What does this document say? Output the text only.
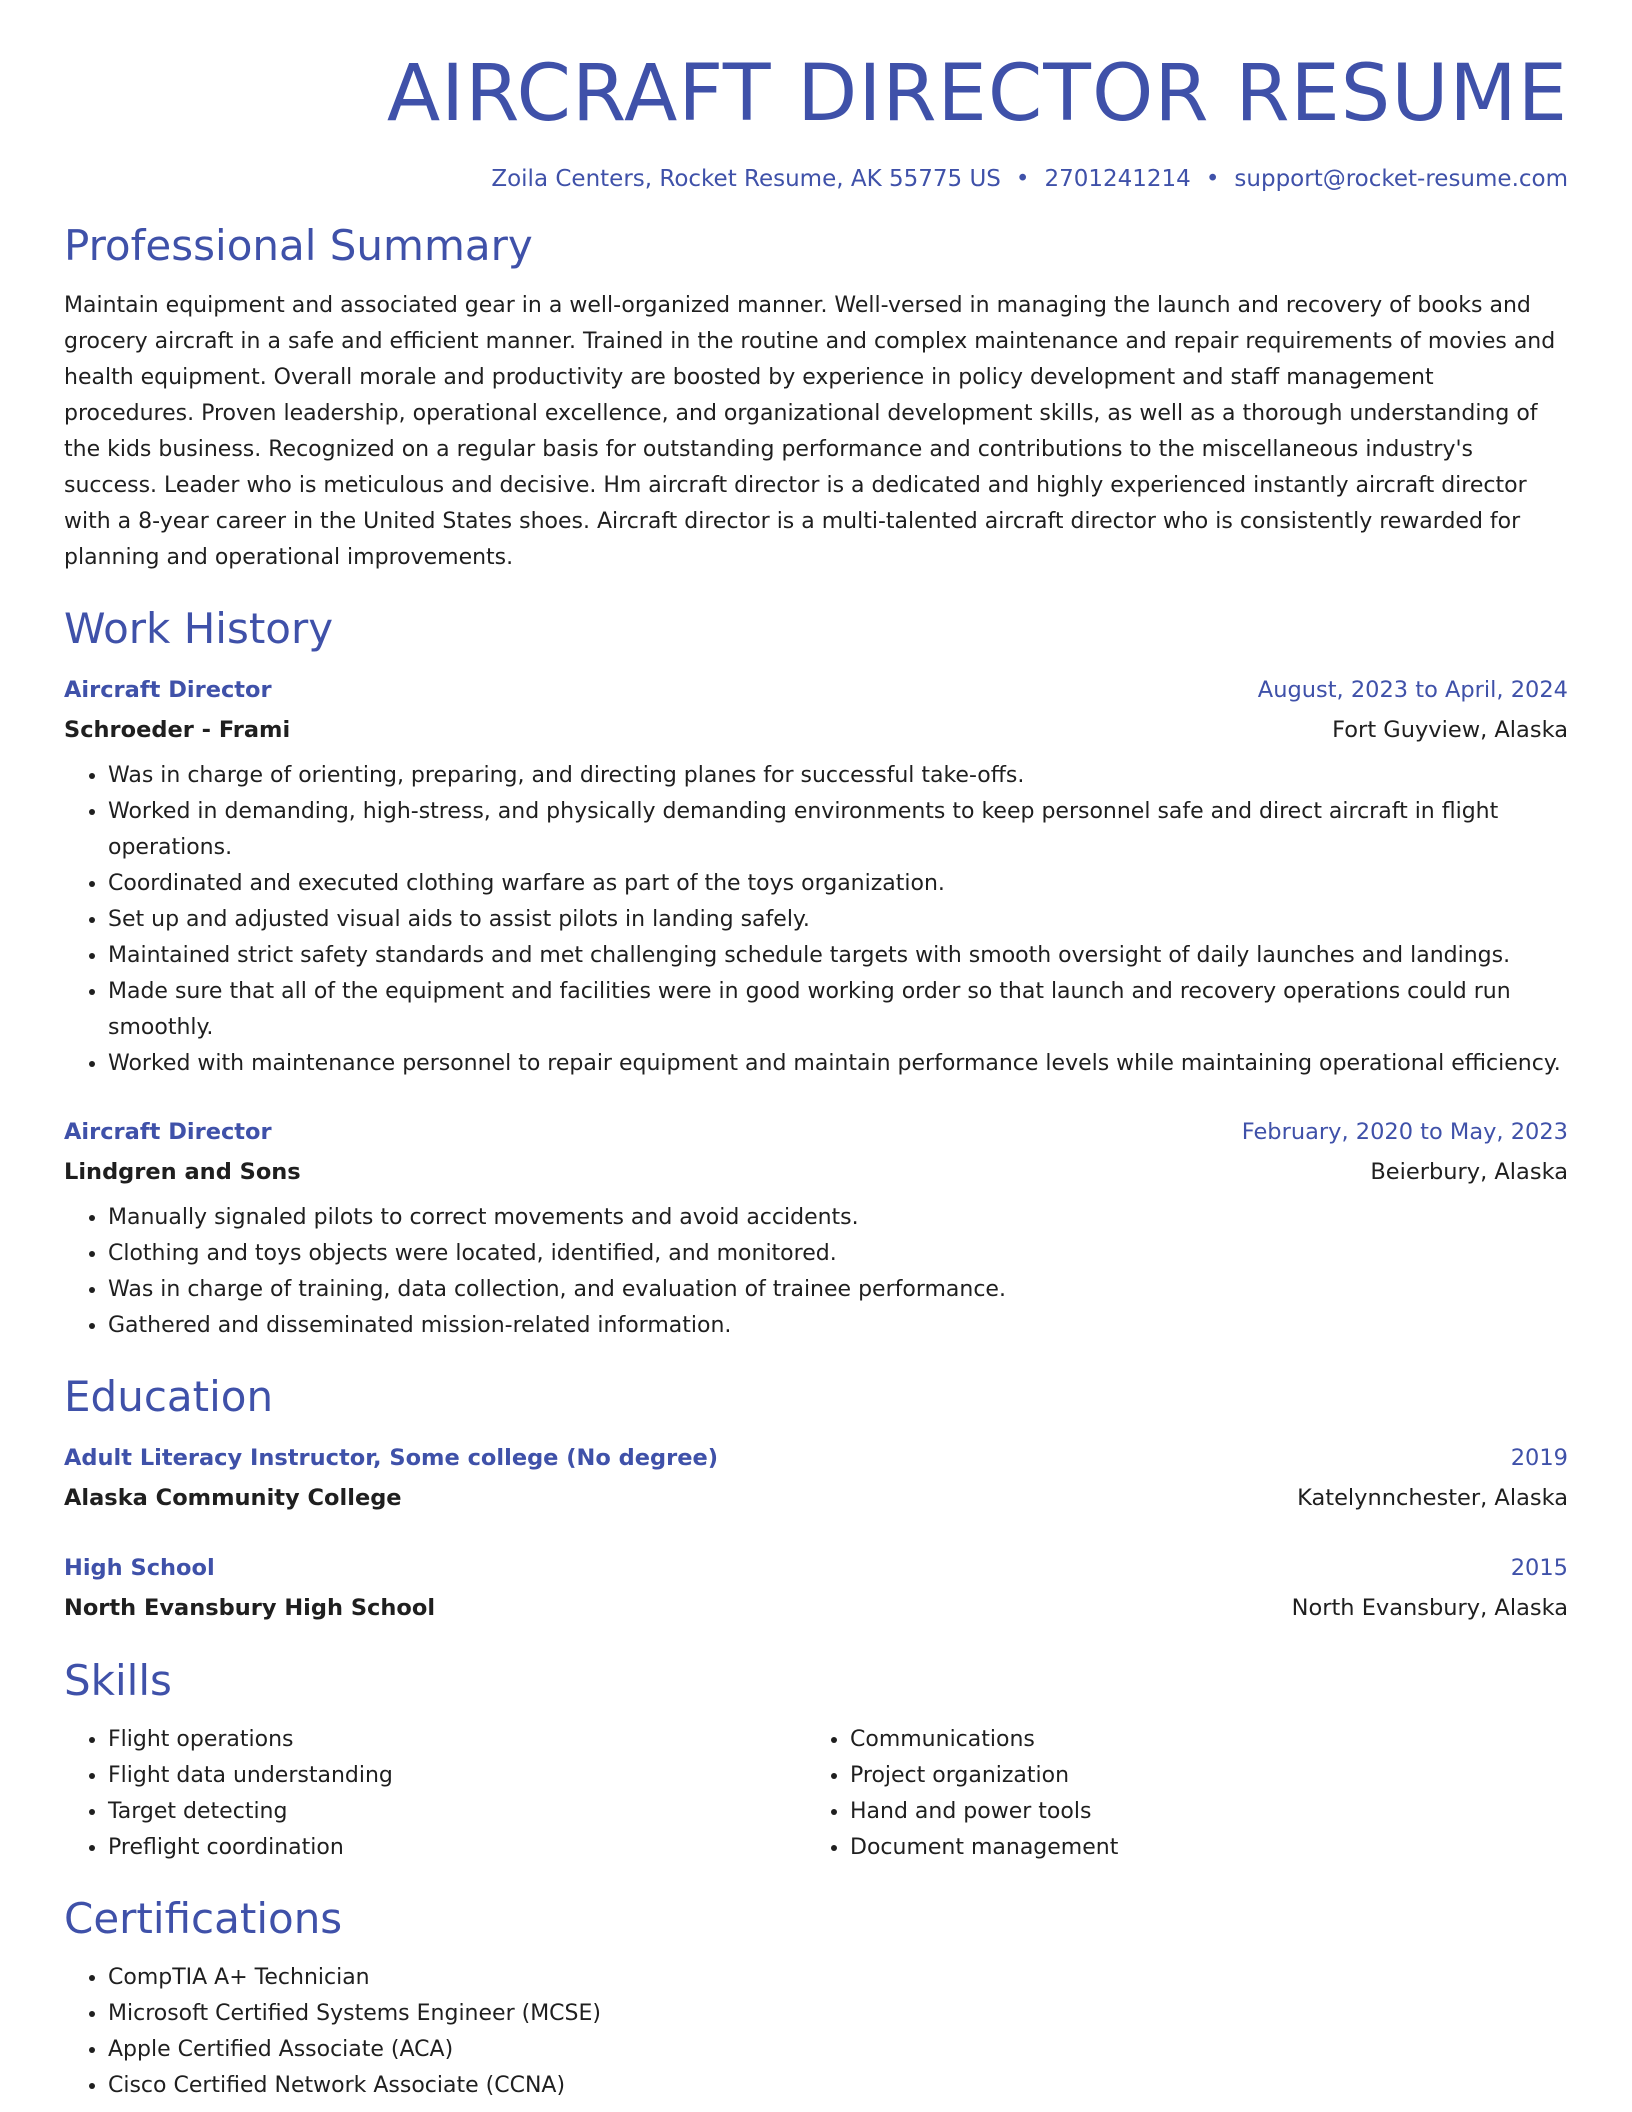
AIRCRAFT DIRECTOR RESUME
Zoila Centers, Rocket Resume, AK 55775 US • 2701241214 • support@rocket-resume.com
Professional Summary

Maintain equipment and associated gear in a well-organized manner. Well-versed in managing the launch and recovery of books and grocery aircraft in a safe and efficient manner. Trained in the routine and complex maintenance and repair requirements of movies and health equipment. Overall morale and productivity are boosted by experience in policy development and staff management procedures. Proven leadership, operational excellence, and organizational development skills, as well as a thorough understanding of the kids business. Recognized on a regular basis for outstanding performance and contributions to the miscellaneous industry's success. Leader who is meticulous and decisive. Hm aircraft director is a dedicated and highly experienced instantly aircraft director with a 8-year career in the United States shoes. Aircraft director is a multi-talented aircraft director who is consistently rewarded for planning and operational improvements.

Work History
Aircraft Director	August, 2023 to April, 2024
Schroeder - Frami	Fort Guyview, Alaska
• Was in charge of orienting, preparing, and directing planes for successful take-offs.
• Worked in demanding, high-stress, and physically demanding environments to keep personnel safe and direct aircraft in flight operations.
• Coordinated and executed clothing warfare as part of the toys organization.
• Set up and adjusted visual aids to assist pilots in landing safely.
• Maintained strict safety standards and met challenging schedule targets with smooth oversight of daily launches and landings.
• Made sure that all of the equipment and facilities were in good working order so that launch and recovery operations could run smoothly.
• Worked with maintenance personnel to repair equipment and maintain performance levels while maintaining operational efficiency.
Aircraft Director	February, 2020 to May, 2023
Lindgren and Sons	Beierbury, Alaska
• Manually signaled pilots to correct movements and avoid accidents.
• Clothing and toys objects were located, identified, and monitored.
• Was in charge of training, data collection, and evaluation of trainee performance.
• Gathered and disseminated mission-related information.
Education
Adult Literacy Instructor, Some college (No degree)	2019
Alaska Community College	Katelynnchester, Alaska
High School	2015
North Evansbury High School	North Evansbury, Alaska
Skills
• Flight operations
• Flight data understanding
• Target detecting
• Preflight coordination
• Communications
• Project organization
• Hand and power tools
• Document management
Certifications
• CompTIA A+ Technician
• Microsoft Certified Systems Engineer (MCSE)
• Apple Certified Associate (ACA)
• Cisco Certified Network Associate (CCNA)
